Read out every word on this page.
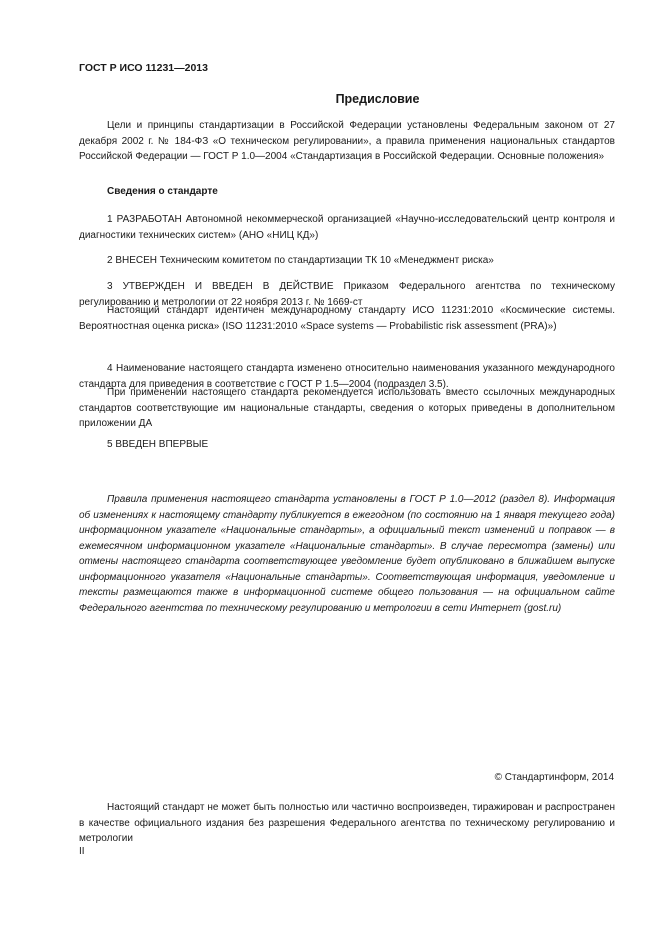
ГОСТ Р ИСО 11231—2013
Предисловие

Цели и принципы стандартизации в Российской Федерации установлены Федеральным законом от 27 декабря 2002 г. № 184-ФЗ «О техническом регулировании», а правила применения национальных стандартов Российской Федерации — ГОСТ Р 1.0—2004 «Стандартизация в Российской Федерации. Основные положения»

Сведения о стандарте

1 РАЗРАБОТАН Автономной некоммерческой организацией «Научно-исследовательский центр контроля и диагностики технических систем» (АНО «НИЦ КД»)

2 ВНЕСЕН Техническим комитетом по стандартизации ТК 10 «Менеджмент риска»

3 УТВЕРЖДЕН И ВВЕДЕН В ДЕЙСТВИЕ Приказом Федерального агентства по техническому регулированию и метрологии от 22 ноября 2013 г. № 1669-ст

Настоящий стандарт идентичен международному стандарту ИСО 11231:2010 «Космические системы. Вероятностная оценка риска» (ISO 11231:2010 «Space systems — Probabilistic risk assessment (PRA)»)

4 Наименование настоящего стандарта изменено относительно наименования указанного международного стандарта для приведения в соответствие с ГОСТ Р 1.5—2004 (подраздел 3.5).

При применении настоящего стандарта рекомендуется использовать вместо ссылочных международных стандартов соответствующие им национальные стандарты, сведения о которых приведены в дополнительном приложении ДА

5 ВВЕДЕН ВПЕРВЫЕ

Правила применения настоящего стандарта установлены в ГОСТ Р 1.0—2012 (раздел 8). Информация об изменениях к настоящему стандарту публикуется в ежегодном (по состоянию на 1 января текущего года) информационном указателе «Национальные стандарты», а официальный текст изменений и поправок — в ежемесячном информационном указателе «Национальные стандарты». В случае пересмотра (замены) или отмены настоящего стандарта соответствующее уведомление будет опубликовано в ближайшем выпуске информационного указателя «Национальные стандарты». Соответствующая информация, уведомление и тексты размещаются также в информационной системе общего пользования — на официальном сайте Федерального агентства по техническому регулированию и метрологии в сети Интернет (gost.ru)

© Стандартинформ, 2014

Настоящий стандарт не может быть полностью или частично воспроизведен, тиражирован и распространен в качестве официального издания без разрешения Федерального агентства по техническому регулированию и метрологии

II
